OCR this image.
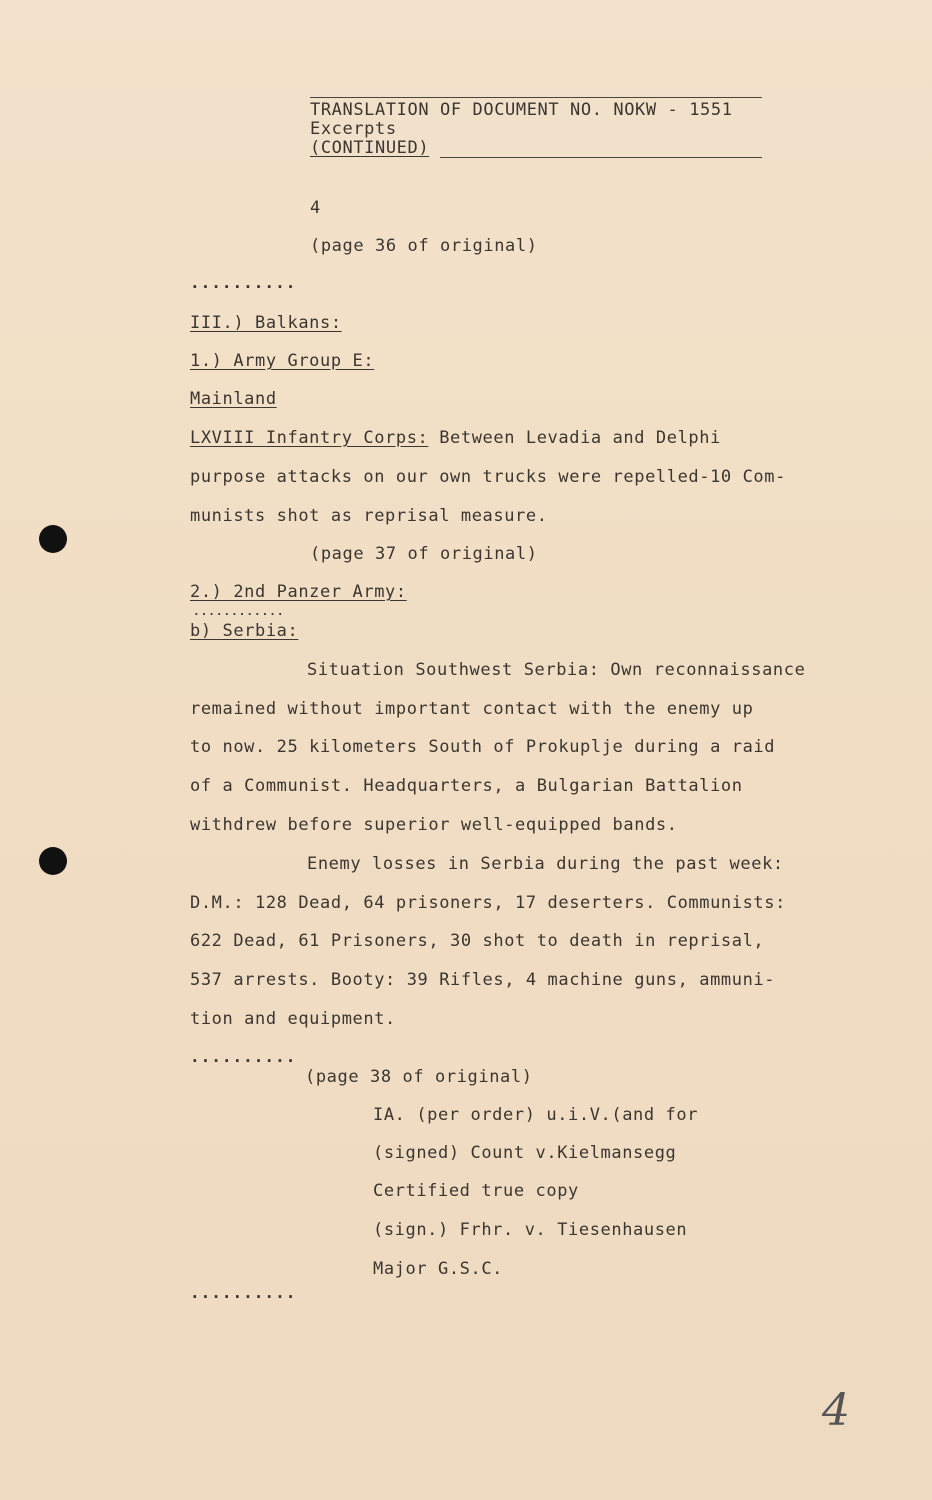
TRANSLATION OF DOCUMENT NO. NOKW - 1551
Excerpts
(CONTINUED)
4
(page 36 of original)
..........
III.) Balkans:
1.) Army Group E:
Mainland
LXVIII Infantry Corps: Between Levadia and Delphi
purpose attacks on our own trucks were repelled-10 Com-
munists shot as reprisal measure.
(page 37 of original)
2.) 2nd Panzer Army:
............
b) Serbia:
Situation Southwest Serbia: Own reconnaissance
remained without important contact with the enemy up
to now. 25 kilometers South of Prokuplje during a raid
of a Communist. Headquarters, a Bulgarian Battalion
withdrew before superior well-equipped bands.
Enemy losses in Serbia during the past week:
D.M.: 128 Dead, 64 prisoners, 17 deserters. Communists:
622 Dead, 61 Prisoners, 30 shot to death in reprisal,
537 arrests. Booty: 39 Rifles, 4 machine guns, ammuni-
tion and equipment.
..........
(page 38 of original)
IA. (per order) u.i.V.(and for
(signed) Count v.Kielmansegg
Certified true copy
(sign.) Frhr. v. Tiesenhausen
Major G.S.C.
..........
4
